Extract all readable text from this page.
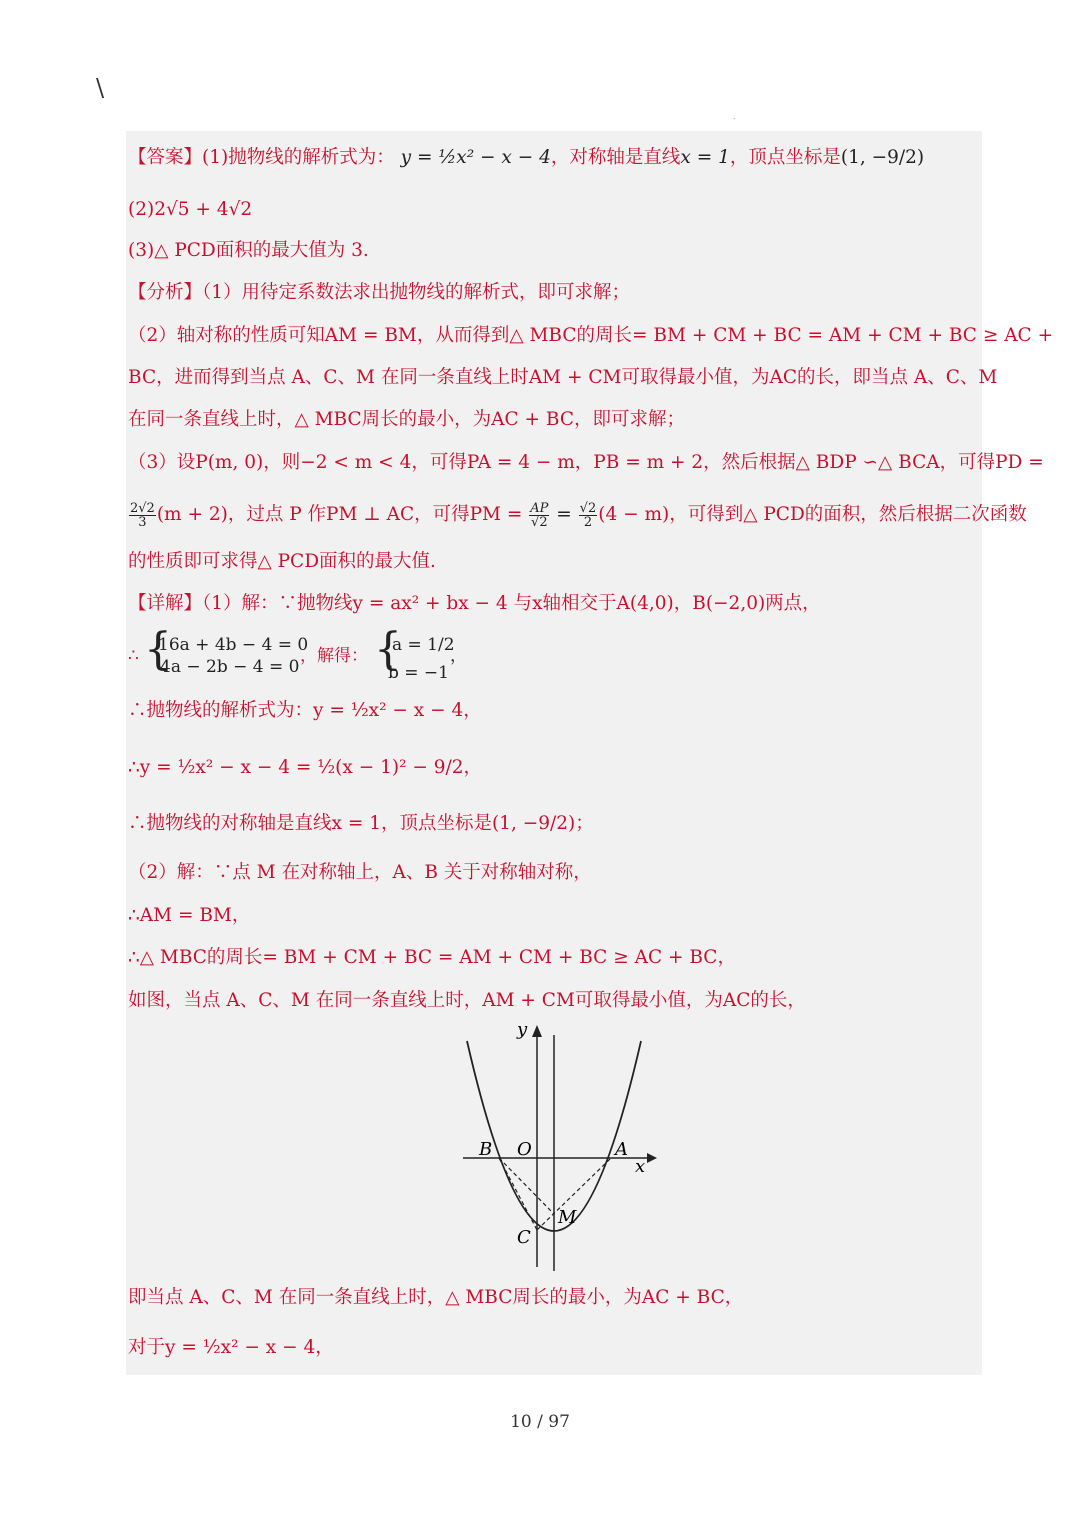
\
.
【答案】(1)抛物线的解析式为： y = ½x² − x − 4，对称轴是直线x = 1，顶点坐标是(1, −9/2)
(2)2√5 + 4√2
(3)△ PCD面积的最大值为 3.
【分析】（1）用待定系数法求出抛物线的解析式，即可求解；
（2）轴对称的性质可知AM = BM，从而得到△ MBC的周长= BM + CM + BC = AM + CM + BC ≥ AC +
BC，进而得到当点 A、C、M 在同一条直线上时AM + CM可取得最小值，为AC的长，即当点 A、C、M
在同一条直线上时，△ MBC周长的最小，为AC + BC，即可求解；
（3）设P(m, 0)，则−2 < m < 4，可得PA = 4 − m，PB = m + 2，然后根据△ BDP ∽△ BCA，可得PD =
$\frac{2√2}{3} (m + 2)$，过点 P 作PM ⊥ AC，可得PM = $\frac{AP}{√2} = \frac{√2}{2} (4 - m)$，可得到△ PCD的面积，然后根据二次函数
的性质即可求得△ PCD面积的最大值.
【详解】（1）解：∵抛物线y = ax² + bx − 4 与x轴相交于A(4,0)，B(−2,0)两点，
∴ {
16a + 4b − 4 = 0
4a − 2b − 4 = 0
，解得： {
a = 1/2
b = −1
，
∴抛物线的解析式为：y = ½x² − x − 4，
∴y = ½x² − x − 4 = ½(x − 1)² − 9/2，
∴抛物线的对称轴是直线x = 1，顶点坐标是(1, −9/2)；
（2）解：∵点 M 在对称轴上，A、B 关于对称轴对称，
∴AM = BM，
∴△ MBC的周长= BM + CM + BC = AM + CM + BC ≥ AC + BC，
如图，当点 A、C、M 在同一条直线上时，AM + CM可取得最小值，为AC的长，
y
x
B O	A
C
M
即当点 A、C、M 在同一条直线上时，△ MBC周长的最小，为AC + BC，
对于y = ½x² − x − 4，
10 / 97
